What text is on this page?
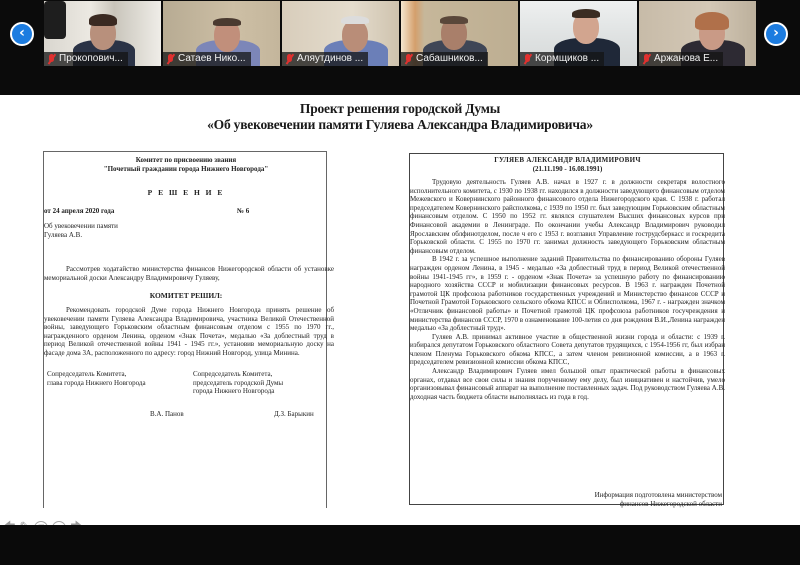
‹
Прокопович...	Сатаев Нико...	Аляутдинов ...	Сабашников...	Кормщиков ...	Аржанова Е...
›
Проект решения городской Думы
«Об увековечении памяти Гуляева Александра Владимировича»
Комитет по присвоению звания
"Почетный гражданин города Нижнего Новгорода"
Р Е Ш Е Н И Е
от 24 апреля 2020 года	№ 6
Об увековечении памяти
Гуляева А.В.
Рассмотрев ходатайство министерства финансов Нижегородской области об установке мемориальной доски Александру Владимировичу Гуляеву,
КОМИТЕТ РЕШИЛ:
Рекомендовать городской Думе города Нижнего Новгорода принять решение об увековечении памяти Гуляева Александра Владимировича, участника Великой Отечественной войны, заведующего Горьковским областным финансовым отделом с 1955 по 1970 гг., награжденного орденом Ленина, орденом «Знак Почета», медалью «За доблестный труд в период Великой отечественной войны 1941 - 1945 гг.», установив мемориальную доску на фасаде дома 3А, расположенного по адресу: город Нижний Новгород, улица Минина.
Сопредседатель Комитета,
глава города Нижнего Новгорода
Сопредседатель Комитета,
председатель городской Думы
города Нижнего Новгорода
В.А. Панов	Д.З. Барыкин
ГУЛЯЕВ АЛЕКСАНДР ВЛАДИМИРОВИЧ
(21.11.190 - 16.08.1991)
Трудовую деятельность Гуляев А.В. начал в 1927 г. в должности секретаря волостного исполнительного комитета, с 1930 по 1938 гг. находился в должности заведующего финансовым отделом Межевского и Ковернинского районного финансового отдела Нижегородского края. С 1938 г. работал председателем Ковернинского райсполкома, с 1939 по 1950 гг. был заведующим Горьковским областным финансовым отделом. С 1950 по 1952 гг. являлся слушателем Высших финансовых курсов при Финансовой академии в Ленинграде. По окончании учебы Александр Владимирович руководил Ярославским облфинотделом, после ч его с 1953 г. возглавил Управление гострудсберкасс и госкредита Горьковской области. С 1955 по 1970 гг. занимал должность заведующего Горьковским областным финансовым отделом.
В 1942 г. за успешное выполнение заданий Правительства по финансированию обороны Гуляев награжден орденом Ленина, в 1945 - медалью «За доблестный труд в период Великой отечественной войны 1941-1945 гг», в 1959 г. - орденом «Знак Почета» за успешную работу по финансированию народного хозяйства СССР и мобилизации финансовых ресурсов. В 1963 г. награжден Почетной грамотой ЦК профсоюза работников государственных учреждений и Министерство финансов СССР и Почетной Грамотой Горьковского сельского обкома КПСС и Облисполкома, 1967 г. - награжден значком «Отличник финансовой работы» и Почетной грамотой ЦК профсоюза работников госучреждения и министерства финансов СССР, 1970 в ознаменование 100-летия со дня рождения В.И.,Ленина награжден медалью «За доблестный труд».
Гуляев А.В. принимал активное участие в общественной жизни города и области: с 1939 г. избирался депутатом Горьковского областного Совета депутатов трудящихся, с 1954-1956 гг, был избран членом Пленума Горьковского обкома КПСС, а затем членом ревизионной комиссии, а в 1963 г. председателем ревизионной комиссии обкома КПСС,
Александр Владимирович Гуляев имел большой опыт практической работы в финансовых органах, отдавал все свои силы и знания порученному ему делу, был инициативен и настойчив, умело организовывал финансовый аппарат на выполнение поставленных задач. Под руководством Гуляева А.В. доходная часть бюджета области выполнялась из года в год.
Информация подготовлена министерством
финансов Нижегородской области
